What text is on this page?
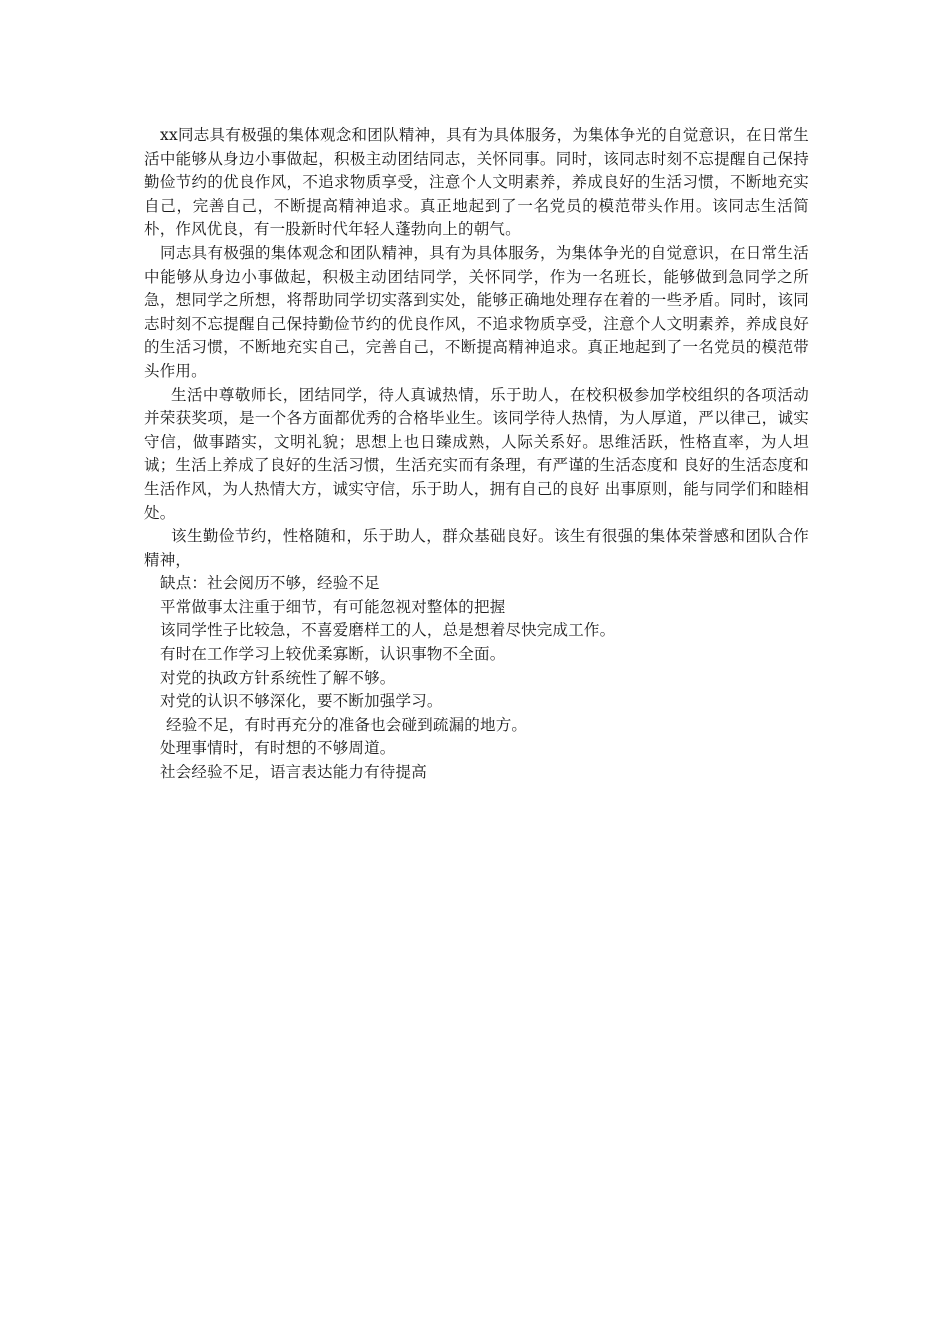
xx同志具有极强的集体观念和团队精神，具有为具体服务，为集体争光的自觉意识，在日常生活中能够从身边小事做起，积极主动团结同志，关怀同事。同时，该同志时刻不忘提醒自己保持勤俭节约的优良作风，不追求物质享受，注意个人文明素养，养成良好的生活习惯，不断地充实自己，完善自己，不断提高精神追求。真正地起到了一名党员的模范带头作用。该同志生活简朴，作风优良，有一股新时代年轻人蓬勃向上的朝气。

同志具有极强的集体观念和团队精神，具有为具体服务，为集体争光的自觉意识，在日常生活中能够从身边小事做起，积极主动团结同学，关怀同学，作为一名班长，能够做到急同学之所急，想同学之所想，将帮助同学切实落到实处，能够正确地处理存在着的一些矛盾。同时，该同志时刻不忘提醒自己保持勤俭节约的优良作风，不追求物质享受，注意个人文明素养，养成良好的生活习惯，不断地充实自己，完善自己，不断提高精神追求。真正地起到了一名党员的模范带头作用。

生活中尊敬师长，团结同学，待人真诚热情，乐于助人，在校积极参加学校组织的各项活动并荣获奖项，是一个各方面都优秀的合格毕业生。该同学待人热情，为人厚道，严以律己，诚实守信，做事踏实，文明礼貌；思想上也日臻成熟，人际关系好。思维活跃，性格直率，为人坦诚；生活上养成了良好的生活习惯，生活充实而有条理，有严谨的生活态度和 良好的生活态度和生活作风，为人热情大方，诚实守信，乐于助人，拥有自己的良好 出事原则，能与同学们和睦相处。

该生勤俭节约，性格随和，乐于助人，群众基础良好。该生有很强的集体荣誉感和团队合作精神，

缺点：社会阅历不够，经验不足

平常做事太注重于细节，有可能忽视对整体的把握

该同学性子比较急，不喜爱磨样工的人，总是想着尽快完成工作。

有时在工作学习上较优柔寡断，认识事物不全面。

对党的执政方针系统性了解不够。

对党的认识不够深化，要不断加强学习。

经验不足，有时再充分的准备也会碰到疏漏的地方。

处理事情时，有时想的不够周道。

社会经验不足，语言表达能力有待提高
